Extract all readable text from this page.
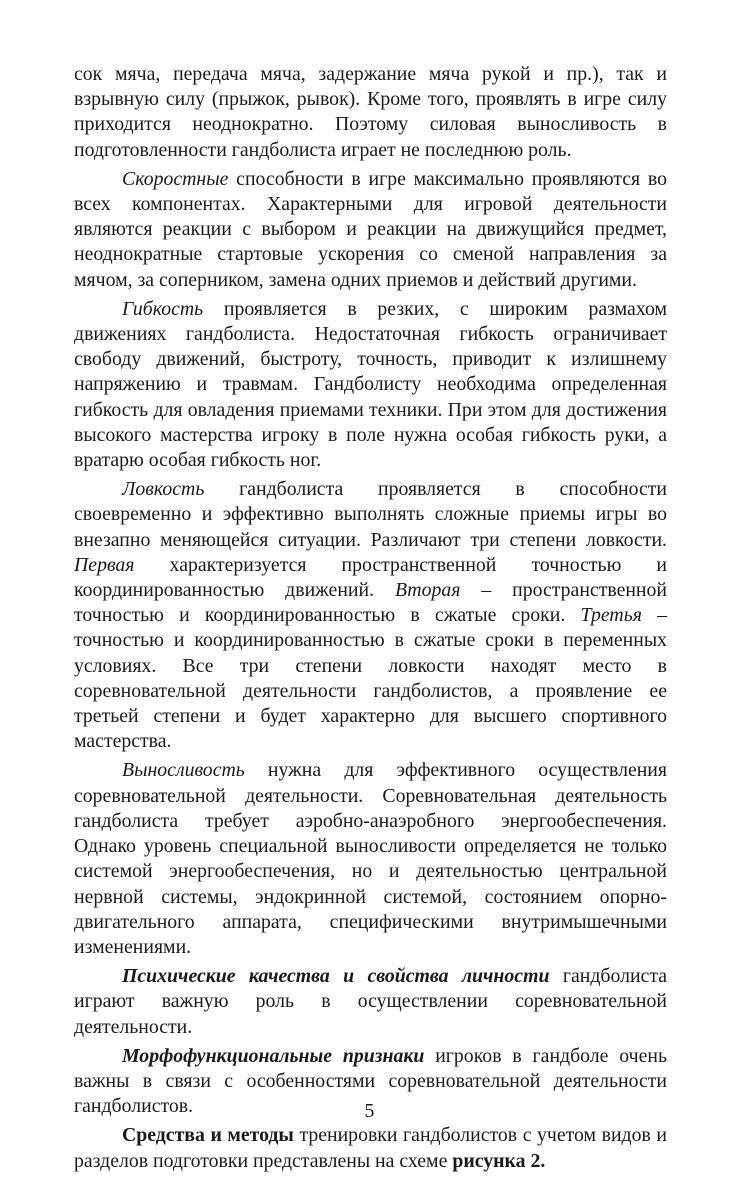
сок мяча, передача мяча, задержание мяча рукой и пр.), так и взрывную силу (прыжок, рывок). Кроме того, проявлять в игре силу приходится неоднократно. Поэтому силовая выносливость в подготовленности гандболиста играет не последнюю роль.

Скоростные способности в игре максимально проявляются во всех компонентах. Характерными для игровой деятельности являются реакции с выбором и реакции на движущийся предмет, неоднократные стартовые ускорения со сменой направления за мячом, за соперником, замена одних приемов и действий другими.

Гибкость проявляется в резких, с широким размахом движениях гандболиста. Недостаточная гибкость ограничивает свободу движений, быстроту, точность, приводит к излишнему напряжению и травмам. Гандболисту необходима определенная гибкость для овладения приемами техники. При этом для достижения высокого мастерства игроку в поле нужна особая гибкость руки, а вратарю особая гибкость ног.

Ловкость гандболиста проявляется в способности своевременно и эффективно выполнять сложные приемы игры во внезапно меняющейся ситуации. Различают три степени ловкости. Первая характеризуется пространственной точностью и координированностью движений. Вторая – пространственной точностью и координированностью в сжатые сроки. Третья – точностью и координированностью в сжатые сроки в переменных условиях. Все три степени ловкости находят место в соревновательной деятельности гандболистов, а проявление ее третьей степени и будет характерно для высшего спортивного мастерства.

Выносливость нужна для эффективного осуществления соревновательной деятельности. Соревновательная деятельность гандболиста требует аэробно-анаэробного энергообеспечения. Однако уровень специальной выносливости определяется не только системой энергообеспечения, но и деятельностью центральной нервной системы, эндокринной системой, состоянием опорно-двигательного аппарата, специфическими внутримышечными изменениями.

Психические качества и свойства личности гандболиста играют важную роль в осуществлении соревновательной деятельности.

Морфофункциональные признаки игроков в гандболе очень важны в связи с особенностями соревновательной деятельности гандболистов.

Средства и методы тренировки гандболистов с учетом видов и разделов подготовки представлены на схеме рисунка 2.

5
